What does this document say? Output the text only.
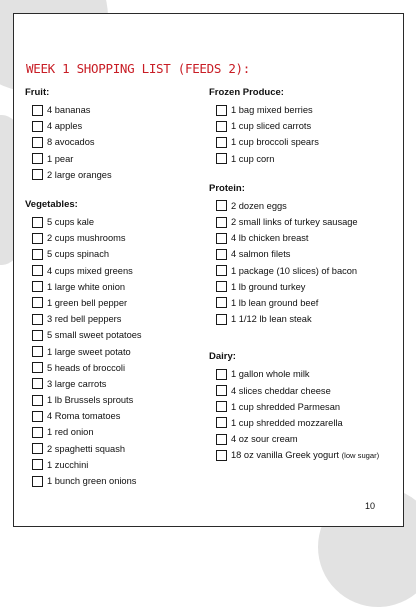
WEEK 1 SHOPPING LIST (FEEDS 2):
Fruit:
4 bananas
4 apples
8 avocados
1 pear
2 large oranges
Vegetables:
5 cups kale
2 cups mushrooms
5 cups spinach
4 cups mixed greens
1 large white onion
1 green bell pepper
3 red bell peppers
5 small sweet potatoes
1 large sweet potato
5 heads of broccoli
3 large carrots
1 lb Brussels sprouts
4 Roma tomatoes
1 red onion
2 spaghetti squash
1 zucchini
1 bunch green onions
Frozen Produce:
1 bag mixed berries
1 cup sliced carrots
1 cup broccoli spears
1 cup corn
Protein:
2 dozen eggs
2 small links of turkey sausage
4 lb chicken breast
4 salmon filets
1 package (10 slices) of bacon
1 lb ground turkey
1 lb lean ground beef
1 1/12 lb lean steak
Dairy:
1 gallon whole milk
4 slices cheddar cheese
1 cup shredded Parmesan
1 cup shredded mozzarella
4 oz sour cream
18 oz vanilla Greek yogurt
(low sugar)
10
